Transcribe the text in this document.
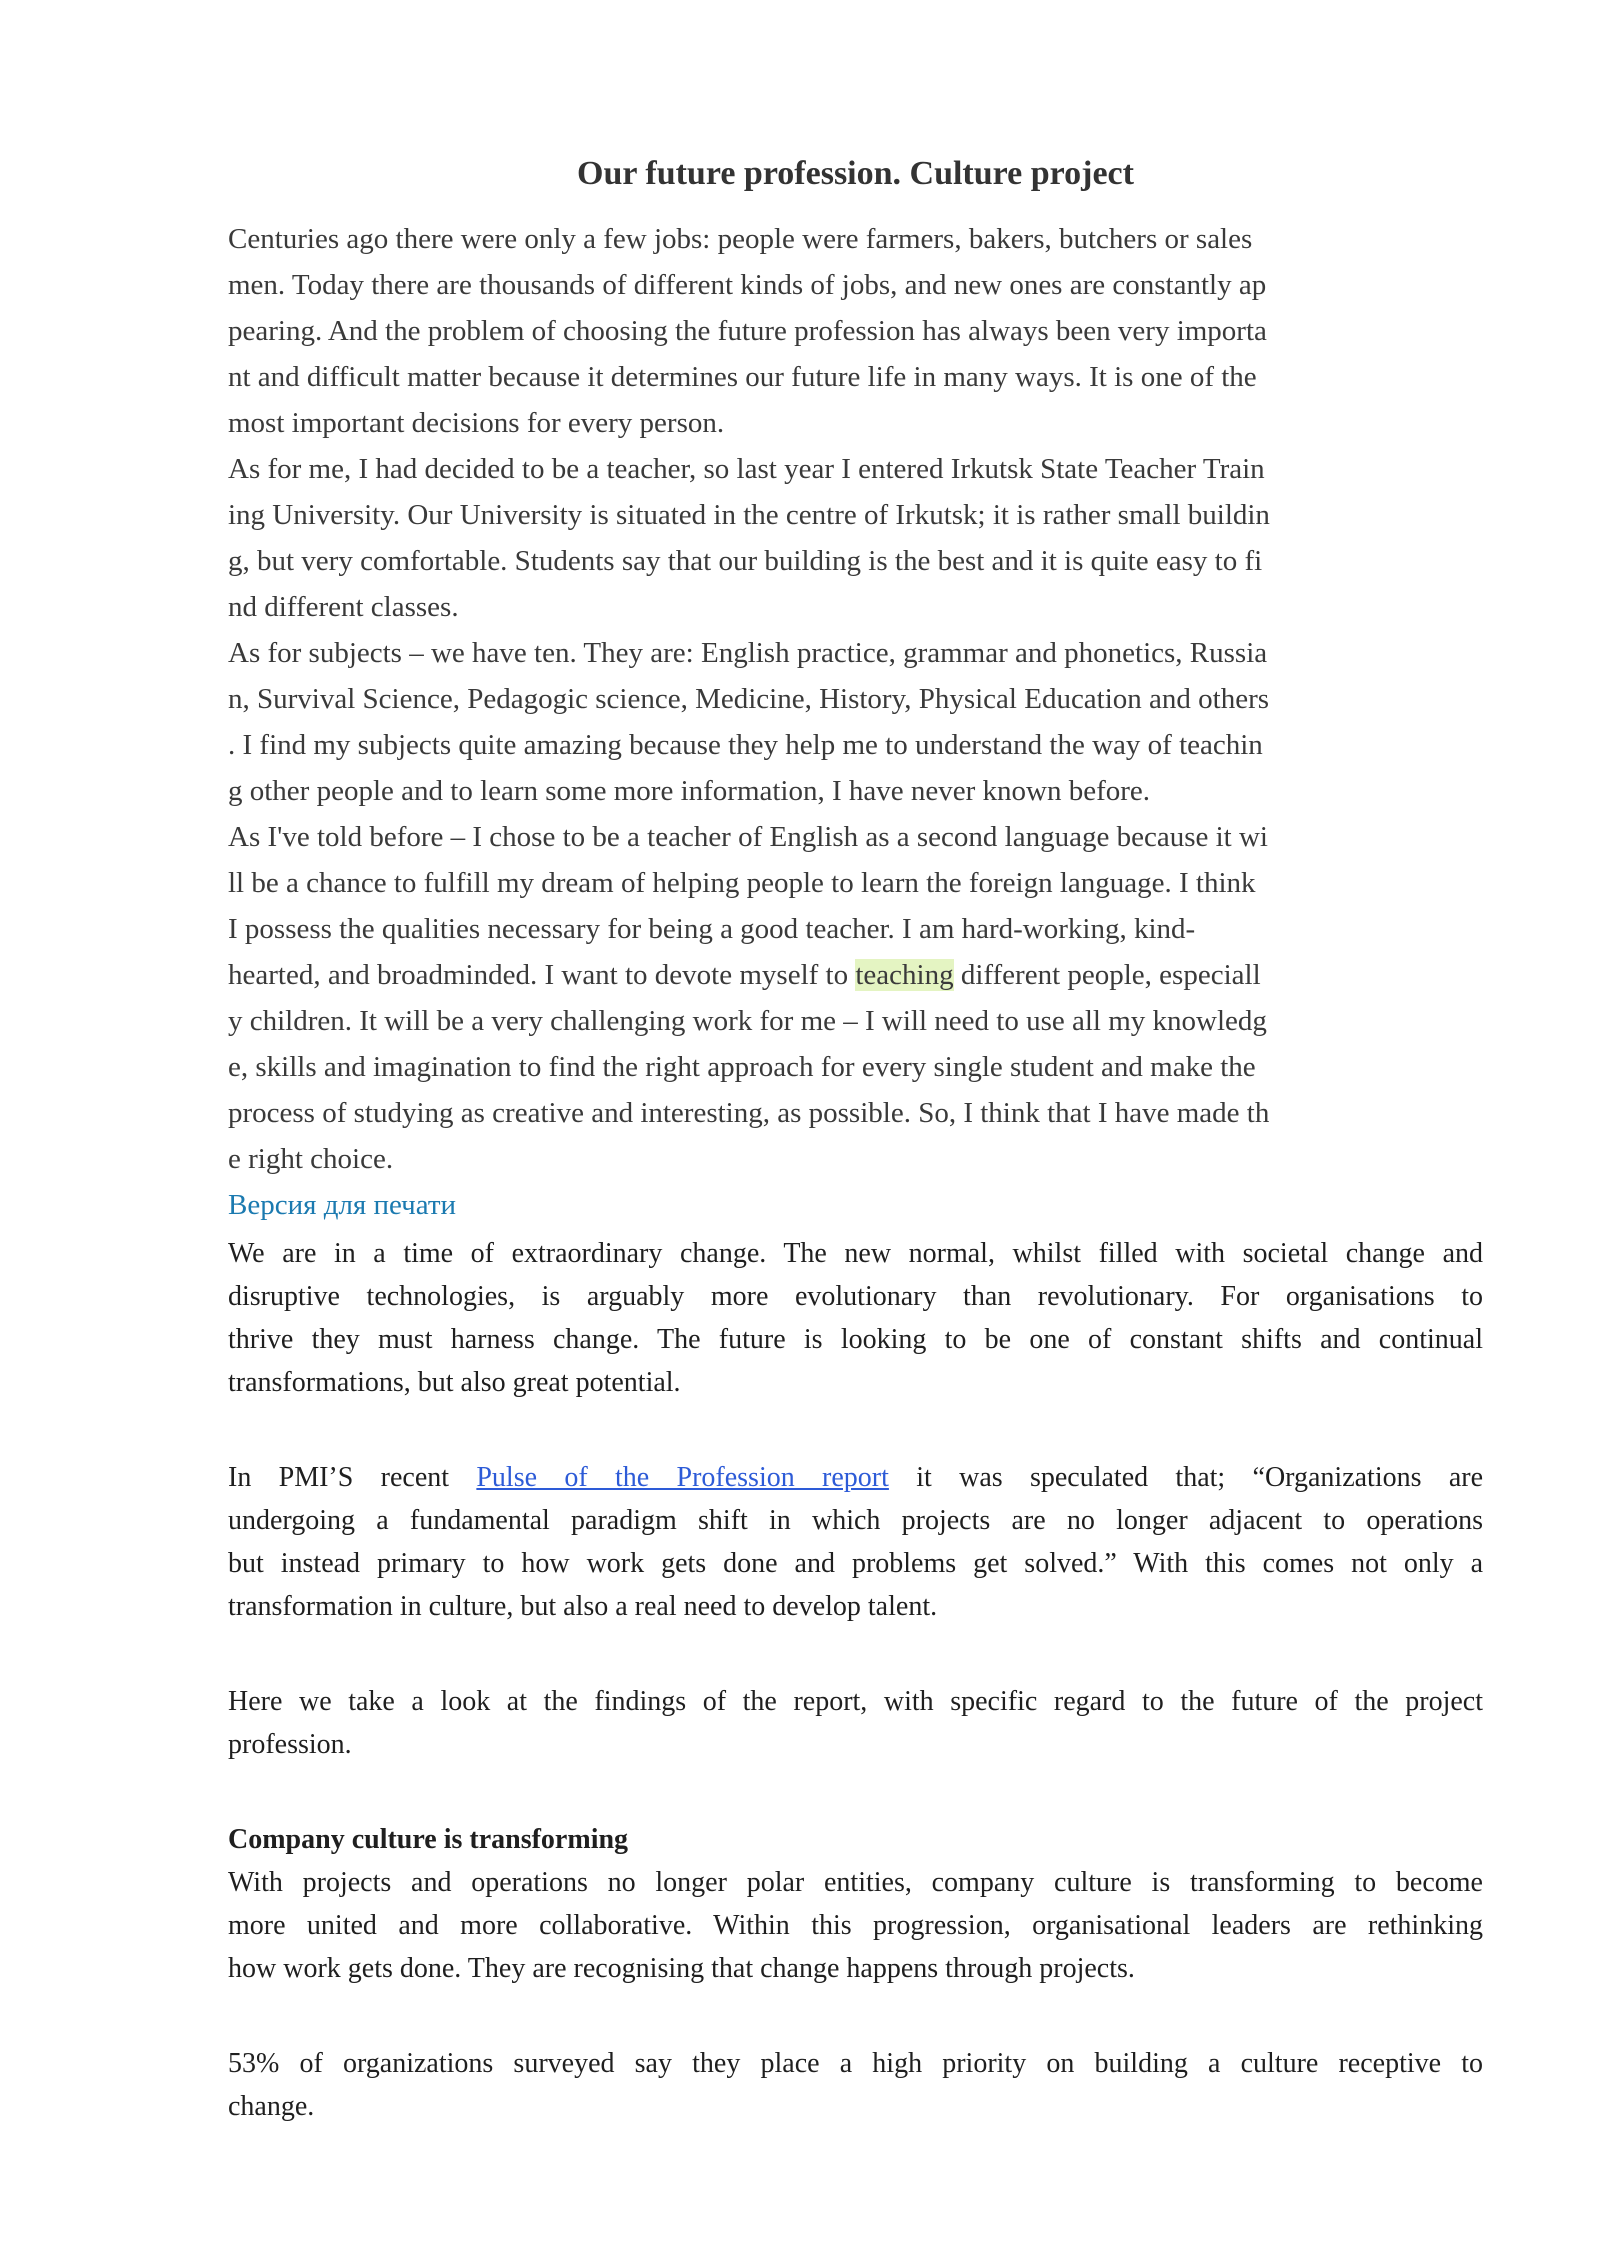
Our future profession. Culture project
Centuries ago there were only a few jobs: people were farmers, bakers, butchers or sales
men. Today there are thousands of different kinds of jobs, and new ones are constantly ap
pearing. And the problem of choosing the future profession has always been very importa
nt and difficult matter because it determines our future life in many ways. It is one of the
most important decisions for every person.
As for me, I had decided to be a teacher, so last year I entered Irkutsk State Teacher Train
ing University. Our University is situated in the centre of Irkutsk; it is rather small buildin
g, but very comfortable. Students say that our building is the best and it is quite easy to fi
nd different classes.
As for subjects – we have ten. They are: English practice, grammar and phonetics, Russia
n, Survival Science, Pedagogic science, Medicine, History, Physical Education and others
. I find my subjects quite amazing because they help me to understand the way of teachin
g other people and to learn some more information, I have never known before.
As I've told before – I chose to be a teacher of English as a second language because it wi
ll be a chance to fulfill my dream of helping people to learn the foreign language. I think
I possess the qualities necessary for being a good teacher. I am hard-working, kind-
hearted, and broadminded. I want to devote myself to teaching different people, especiall
y children. It will be a very challenging work for me – I will need to use all my knowledg
e, skills and imagination to find the right approach for every single student and make the
process of studying as creative and interesting, as possible. So, I think that I have made th
e right choice.
Версия для печати
We are in a time of extraordinary change. The new normal, whilst filled with societal change and
disruptive technologies, is arguably more evolutionary than revolutionary. For organisations to
thrive they must harness change. The future is looking to be one of constant shifts and continual
transformations, but also great potential.
In PMI’S recent Pulse of the Profession report it was speculated that; “Organizations are
undergoing a fundamental paradigm shift in which projects are no longer adjacent to operations
but instead primary to how work gets done and problems get solved.” With this comes not only a
transformation in culture, but also a real need to develop talent.
Here we take a look at the findings of the report, with specific regard to the future of the project
profession.
Company culture is transforming
With projects and operations no longer polar entities, company culture is transforming to become
more united and more collaborative. Within this progression, organisational leaders are rethinking
how work gets done. They are recognising that change happens through projects.
53% of organizations surveyed say they place a high priority on building a culture receptive to
change.
